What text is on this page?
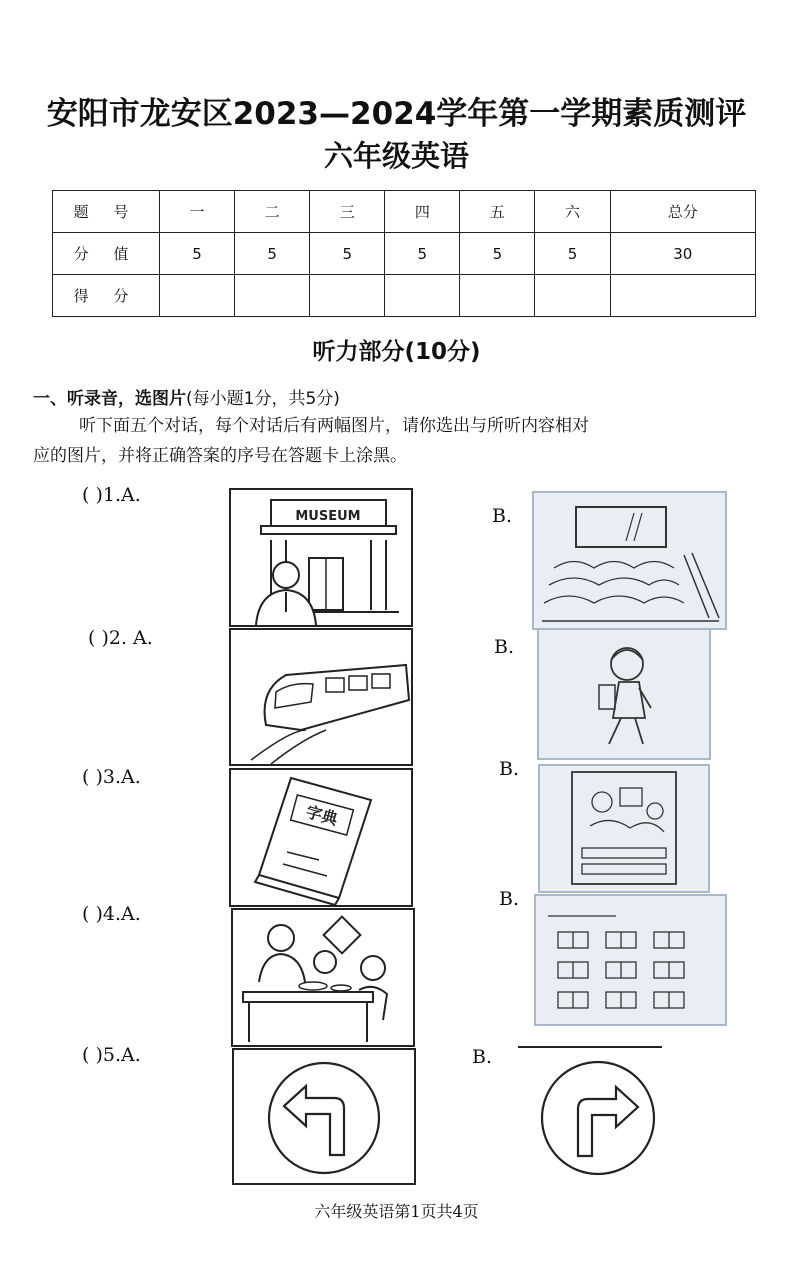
安阳市龙安区2023—2024学年第一学期素质测评
六年级英语
题 号	一	二	三	四	五	六	总分
分 值	5	5	5	5	5	5	30
得 分							
听力部分(10分)
一、听录音，选图片(每小题1分，共5分)
听下面五个对话，每个对话后有两幅图片，请你选出与所听内容相对
应的图片，并将正确答案的序号在答题卡上涂黑。
( )1.A.
MUSEUM	B.
( )2. A.	B.
( )3.A.
字典
B.
( )4.A.
B.
( )5.A.	B.
六年级英语第1页共4页
